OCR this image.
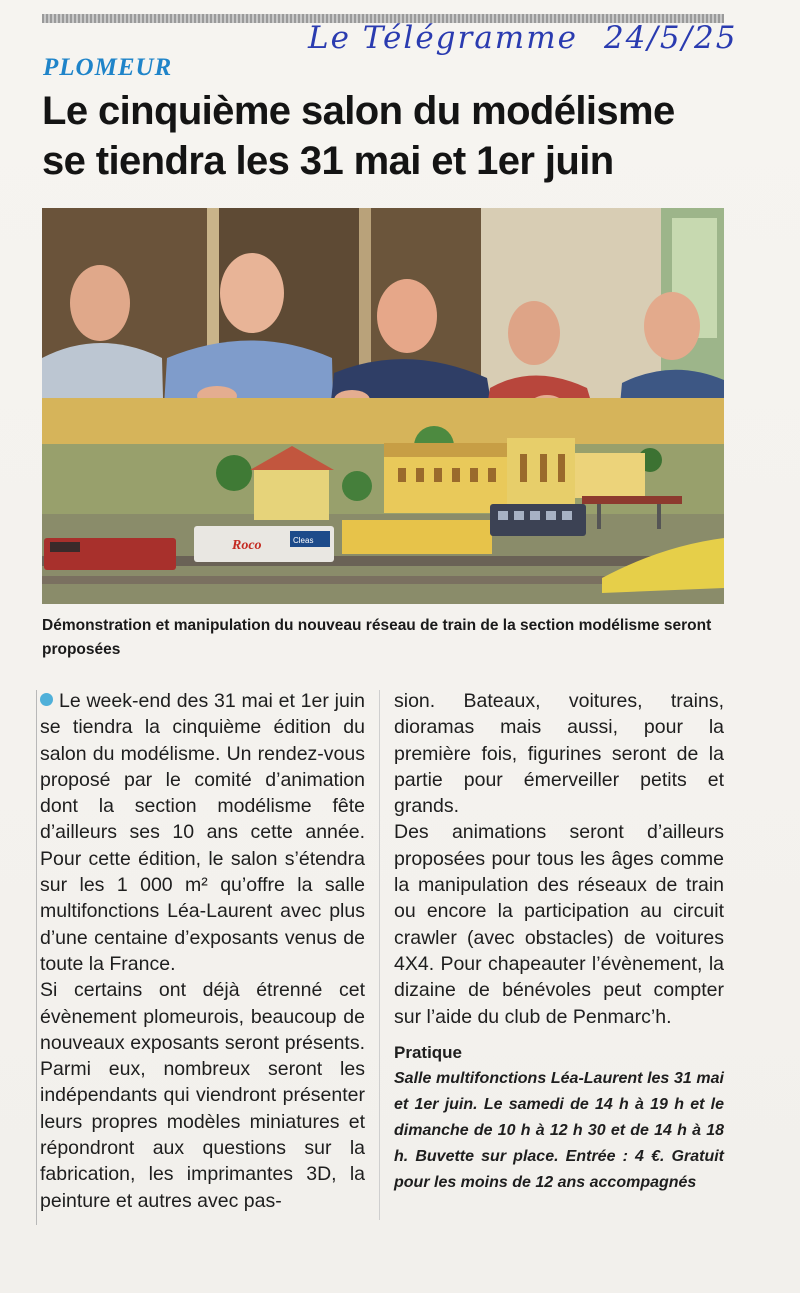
Le Télégramme 24/5/25
PLOMEUR
Le cinquième salon du modélisme
se tiendra les 31 mai et 1er juin
Roco	Cleas
Démonstration et manipulation du nouveau réseau de train de la section modélisme seront proposées

Le week-end des 31 mai et 1er juin se tiendra la cinquième édition du salon du modélisme. Un rendez-vous proposé par le comité d’animation dont la section modélisme fête d’ailleurs ses 10 ans cette année. Pour cette édition, le salon s’étendra sur les 1 000 m² qu’offre la salle multifonctions Léa-Laurent avec plus d’une centaine d’exposants venus de toute la France.

Si certains ont déjà étrenné cet évènement plomeurois, beaucoup de nouveaux exposants seront présents. Parmi eux, nombreux seront les indépendants qui viendront présenter leurs propres modèles miniatures et répondront aux questions sur la fabrication, les imprimantes 3D, la peinture et autres avec pas-

sion. Bateaux, voitures, trains, dioramas mais aussi, pour la première fois, figurines seront de la partie pour émerveiller petits et grands.

Des animations seront d’ailleurs proposées pour tous les âges comme la manipulation des réseaux de train ou encore la participation au circuit crawler (avec obstacles) de voitures 4X4. Pour chapeauter l’évènement, la dizaine de bénévoles peut compter sur l’aide du club de Penmarc’h.

Pratique

Salle multifonctions Léa-Laurent les 31 mai et 1er juin. Le samedi de 14 h à 19 h et le dimanche de 10 h à 12 h 30 et de 14 h à 18 h. Buvette sur place. Entrée : 4 €. Gratuit pour les moins de 12 ans accompagnés
